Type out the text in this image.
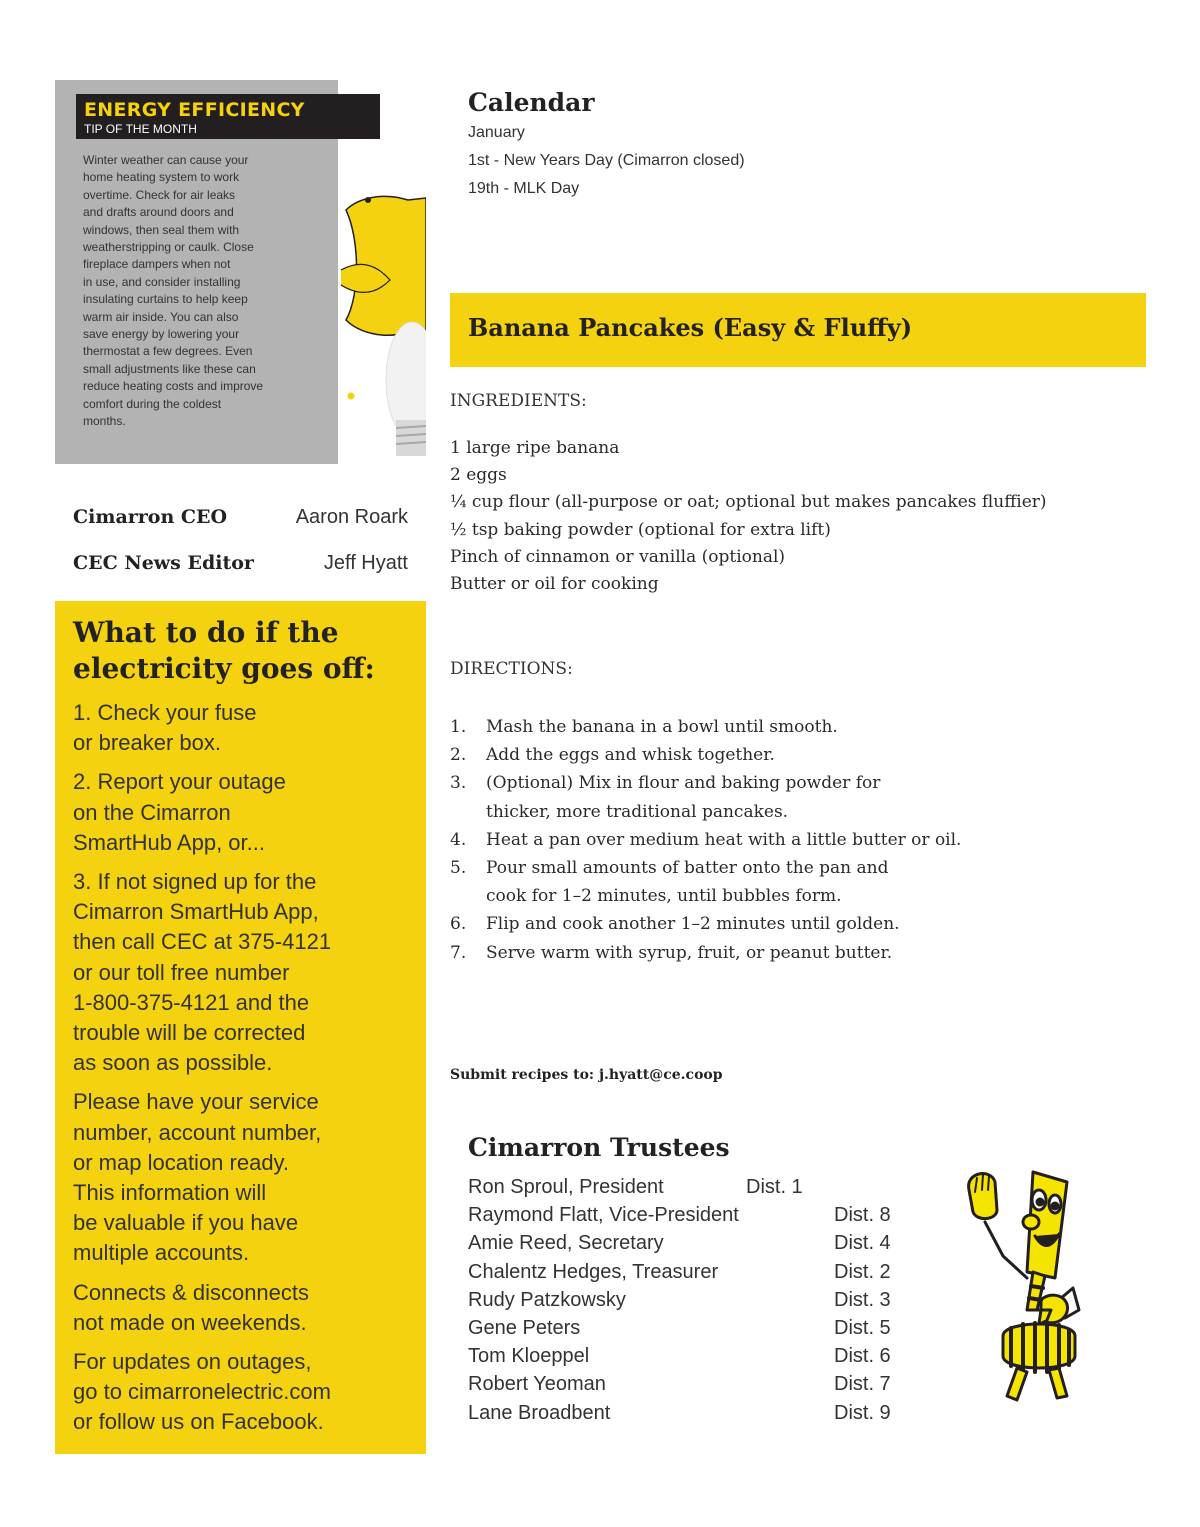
Winter weather can cause your
home heating system to work
overtime. Check for air leaks
and drafts around doors and
windows, then seal them with
weatherstripping or caulk. Close
fireplace dampers when not
in use, and consider installing
insulating curtains to help keep
warm air inside. You can also
save energy by lowering your
thermostat a few degrees. Even
small adjustments like these can
reduce heating costs and improve
comfort during the coldest
months.
ENERGY EFFICIENCY
TIP OF THE MONTH
Cimarron CEO	Aaron Roark
CEC News Editor	Jeff Hyatt
What to do if the electricity goes off:

1. Check your fuse
or breaker box.

2. Report your outage
on the Cimarron
SmartHub App, or...

3. If not signed up for the
Cimarron SmartHub App,
then call CEC at 375-4121
or our toll free number
1-800-375-4121 and the
trouble will be corrected
as soon as possible.

Please have your service
number, account number,
or map location ready.
This information will
be valuable if you have
multiple accounts.

Connects & disconnects
not made on weekends.

For updates on outages,
go to cimarronelectric.com
or follow us on Facebook.

Calendar
January
1st - New Years Day (Cimarron closed)
19th - MLK Day
Banana Pancakes (Easy & Fluffy)
INGREDIENTS:
1 large ripe banana
2 eggs
¼ cup flour (all-purpose or oat; optional but makes pancakes fluffier)
½ tsp baking powder (optional for extra lift)
Pinch of cinnamon or vanilla (optional)
Butter or oil for cooking
DIRECTIONS:
1. Mash the banana in a bowl until smooth.
2. Add the eggs and whisk together.
3. (Optional) Mix in flour and baking powder for thicker, more traditional pancakes.
4. Heat a pan over medium heat with a little butter or oil.
5. Pour small amounts of batter onto the pan and cook for 1–2 minutes, until bubbles form.
6. Flip and cook another 1–2 minutes until golden.
7. Serve warm with syrup, fruit, or peanut butter.
Submit recipes to: j.hyatt@ce.coop
Cimarron Trustees
Ron Sproul, President	Dist. 1
Raymond Flatt, Vice-President	Dist. 8
Amie Reed, Secretary	Dist. 4
Chalentz Hedges, Treasurer	Dist. 2
Rudy Patzkowsky	Dist. 3
Gene Peters	Dist. 5
Tom Kloeppel	Dist. 6
Robert Yeoman	Dist. 7
Lane Broadbent	Dist. 9
